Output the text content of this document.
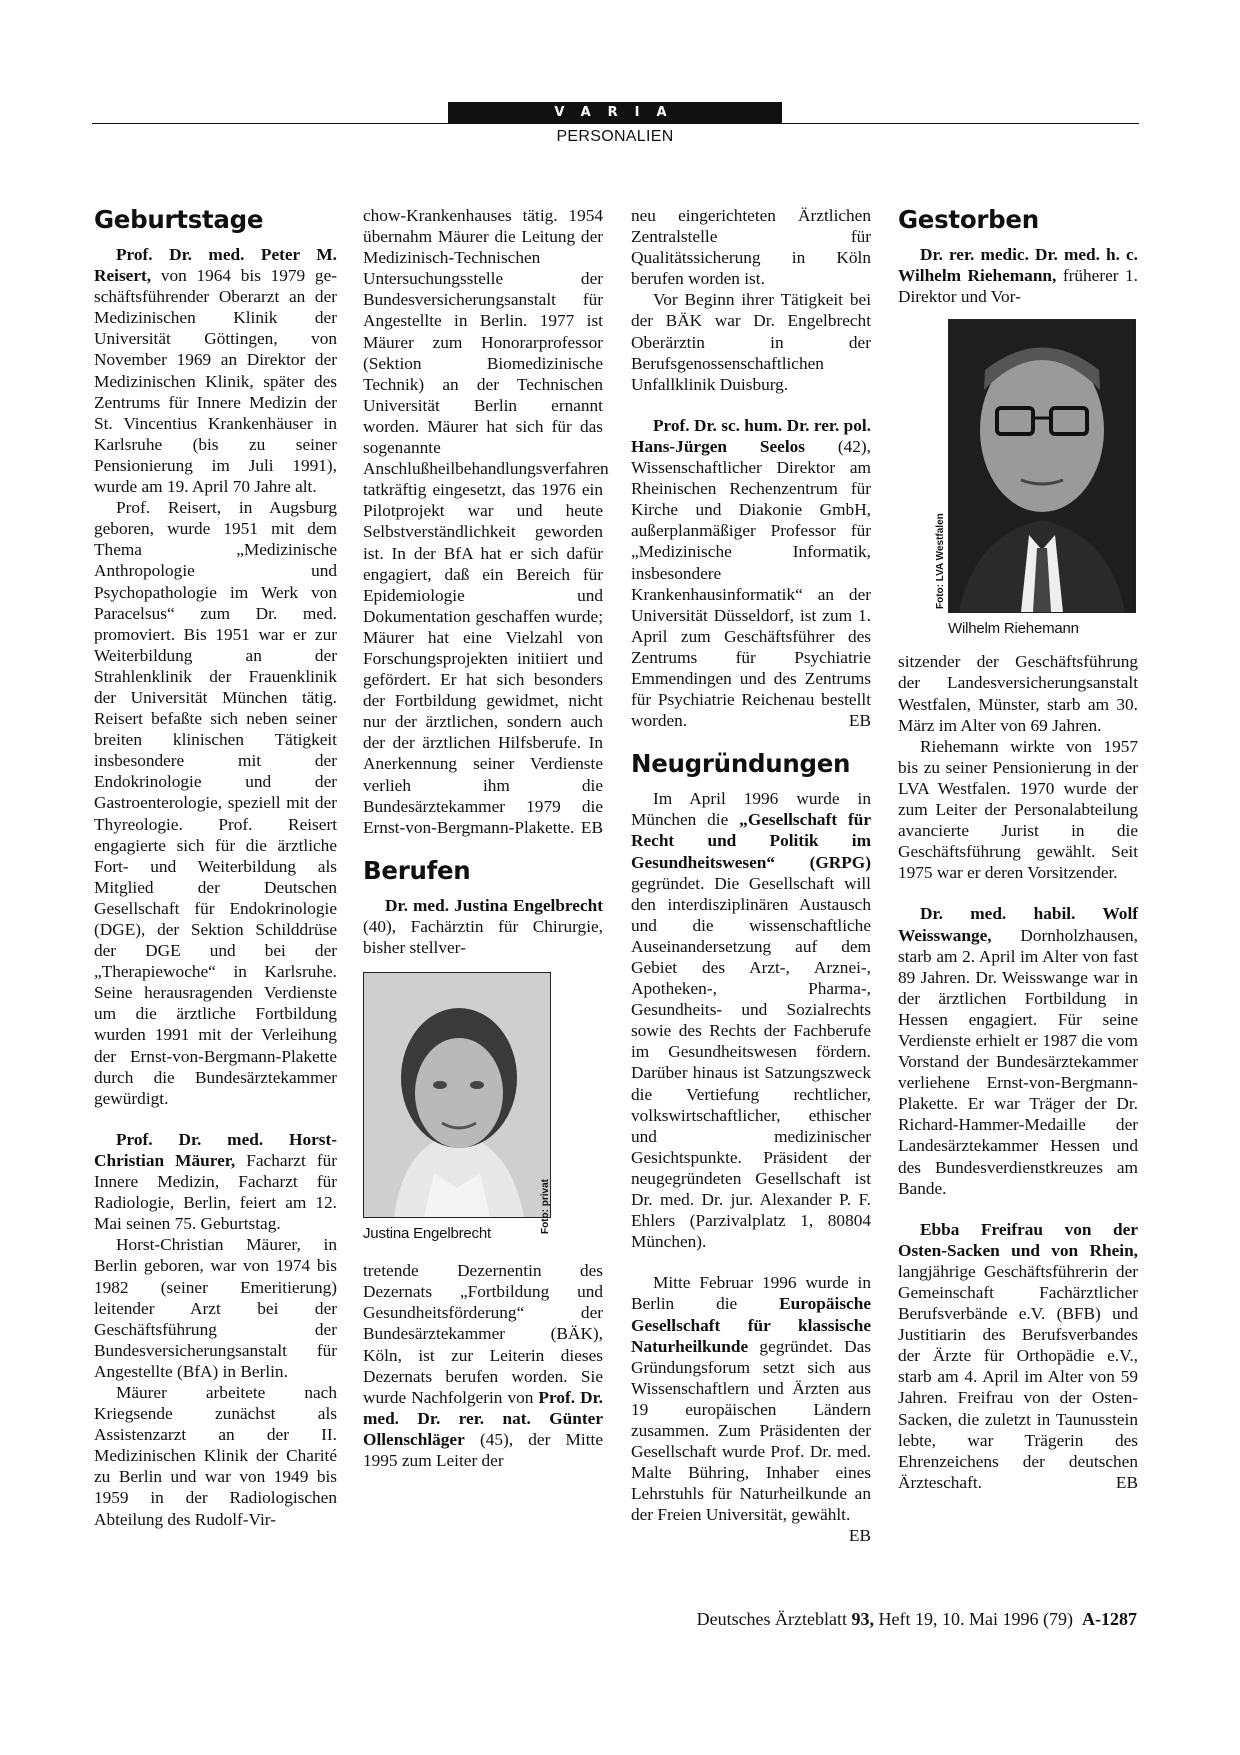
VARIA
PERSONALIEN
Geburtstage

Prof. Dr. med. Peter M. Reisert, von 1964 bis 1979 ge-schäftsführender Oberarzt an der Medizinischen Klinik der Universität Göttingen, von November 1969 an Direktor der Medizinischen Klinik, später des Zentrums für Innere Medizin der St. Vincentius Krankenhäuser in Karlsruhe (bis zu seiner Pensionierung im Juli 1991), wurde am 19. April 70 Jahre alt.

Prof. Reisert, in Augsburg geboren, wurde 1951 mit dem Thema „Medizinische Anthropologie und Psychopathologie im Werk von Paracelsus“ zum Dr. med. promoviert. Bis 1951 war er zur Weiterbildung an der Strahlenklinik der Frauenklinik der Universität München tätig. Reisert befaßte sich neben seiner breiten klinischen Tätigkeit insbesondere mit der Endokrinologie und der Gastroenterologie, speziell mit der Thyreologie. Prof. Reisert engagierte sich für die ärztliche Fort- und Weiterbildung als Mitglied der Deutschen Gesellschaft für Endokrinologie (DGE), der Sektion Schilddrüse der DGE und bei der „Therapiewoche“ in Karlsruhe. Seine herausragenden Verdienste um die ärztliche Fortbildung wurden 1991 mit der Verleihung der Ernst-von-Bergmann-Plakette durch die Bundesärztekammer gewürdigt.

Prof. Dr. med. Horst-Christian Mäurer, Facharzt für Innere Medizin, Facharzt für Radiologie, Berlin, feiert am 12. Mai seinen 75. Geburtstag.

Horst-Christian Mäurer, in Berlin geboren, war von 1974 bis 1982 (seiner Emeritierung) leitender Arzt bei der Geschäftsführung der Bundesversicherungsanstalt für Angestellte (BfA) in Berlin.

Mäurer arbeitete nach Kriegsende zunächst als Assistenzarzt an der II. Medizinischen Klinik der Charité zu Berlin und war von 1949 bis 1959 in der Radiologischen Abteilung des Rudolf-Vir-

chow-Krankenhauses tätig. 1954 übernahm Mäurer die Leitung der Medizinisch-Technischen Untersuchungsstelle der Bundesversicherungsanstalt für Angestellte in Berlin. 1977 ist Mäurer zum Honorarprofessor (Sektion Biomedizinische Technik) an der Technischen Universität Berlin ernannt worden. Mäurer hat sich für das sogenannte Anschlußheilbehandlungsverfahren tatkräftig eingesetzt, das 1976 ein Pilotprojekt war und heute Selbstverständlichkeit geworden ist. In der BfA hat er sich dafür engagiert, daß ein Bereich für Epidemiologie und Dokumentation geschaffen wurde; Mäurer hat eine Vielzahl von Forschungsprojekten initiiert und gefördert. Er hat sich besonders der Fortbildung gewidmet, nicht nur der ärztlichen, sondern auch der der ärztlichen Hilfsberufe. In Anerkennung seiner Verdienste verlieh ihm die Bundesärztekammer 1979 die Ernst-von-Bergmann-Plakette. EB

Berufen

Dr. med. Justina Engelbrecht (40), Fachärztin für Chirurgie, bisher stellver-

Foto: privat
Justina Engelbrecht

tretende Dezernentin des Dezernats „Fortbildung und Gesundheitsförderung“ der Bundesärztekammer (BÄK), Köln, ist zur Leiterin dieses Dezernats berufen worden. Sie wurde Nachfolgerin von Prof. Dr. med. Dr. rer. nat. Günter Ollenschläger (45), der Mitte 1995 zum Leiter der

neu eingerichteten Ärztlichen Zentralstelle für Qualitätssicherung in Köln berufen worden ist.

Vor Beginn ihrer Tätigkeit bei der BÄK war Dr. Engelbrecht Oberärztin in der Berufsgenossenschaftlichen Unfallklinik Duisburg.

Prof. Dr. sc. hum. Dr. rer. pol. Hans-Jürgen Seelos (42), Wissenschaftlicher Direktor am Rheinischen Rechenzentrum für Kirche und Diakonie GmbH, außerplanmäßiger Professor für „Medizinische Informatik, insbesondere Krankenhausinformatik“ an der Universität Düsseldorf, ist zum 1. April zum Geschäftsführer des Zentrums für Psychiatrie Emmendingen und des Zentrums für Psychiatrie Reichenau bestellt worden.	EB

Neugründungen

Im April 1996 wurde in München die „Gesellschaft für Recht und Politik im Gesundheitswesen“ (GRPG) gegründet. Die Gesellschaft will den interdisziplinären Austausch und die wissenschaftliche Auseinandersetzung auf dem Gebiet des Arzt-, Arznei-, Apotheken-, Pharma-, Gesundheits- und Sozialrechts sowie des Rechts der Fachberufe im Gesundheitswesen fördern. Darüber hinaus ist Satzungszweck die Vertiefung rechtlicher, volkswirtschaftlicher, ethischer und medizinischer Gesichtspunkte. Präsident der neugegründeten Gesellschaft ist Dr. med. Dr. jur. Alexander P. F. Ehlers (Parzivalplatz 1, 80804 München).

Mitte Februar 1996 wurde in Berlin die Europäische Gesellschaft für klassische Naturheilkunde gegründet. Das Gründungsforum setzt sich aus Wissenschaftlern und Ärzten aus 19 europäischen Ländern zusammen. Zum Präsidenten der Gesellschaft wurde Prof. Dr. med. Malte Bühring, Inhaber eines Lehrstuhls für Naturheilkunde an der Freien Universität, gewählt.
EB

Gestorben

Dr. rer. medic. Dr. med. h. c. Wilhelm Riehemann, früherer 1. Direktor und Vor-

Foto: LVA Westfalen
Wilhelm Riehemann

sitzender der Geschäftsführung der Landesversicherungsanstalt Westfalen, Münster, starb am 30. März im Alter von 69 Jahren.

Riehemann wirkte von 1957 bis zu seiner Pensionierung in der LVA Westfalen. 1970 wurde der zum Leiter der Personalabteilung avancierte Jurist in die Geschäftsführung gewählt. Seit 1975 war er deren Vorsitzender.

Dr. med. habil. Wolf Weisswange, Dornholzhausen, starb am 2. April im Alter von fast 89 Jahren. Dr. Weisswange war in der ärztlichen Fortbildung in Hessen engagiert. Für seine Verdienste erhielt er 1987 die vom Vorstand der Bundesärztekammer verliehene Ernst-von-Bergmann-Plakette. Er war Träger der Dr. Richard-Hammer-Medaille der Landesärztekammer Hessen und des Bundesverdienstkreuzes am Bande.

Ebba Freifrau von der Osten-Sacken und von Rhein, langjährige Geschäftsführerin der Gemeinschaft Fachärztlicher Berufsverbände e.V. (BFB) und Justitiarin des Berufsverbandes der Ärzte für Orthopädie e.V., starb am 4. April im Alter von 59 Jahren. Freifrau von der Osten-Sacken, die zuletzt in Taunusstein lebte, war Trägerin des Ehrenzeichens der deutschen Ärzteschaft.	EB

Deutsches Ärzteblatt 93, Heft 19, 10. Mai 1996 (79) A-1287
